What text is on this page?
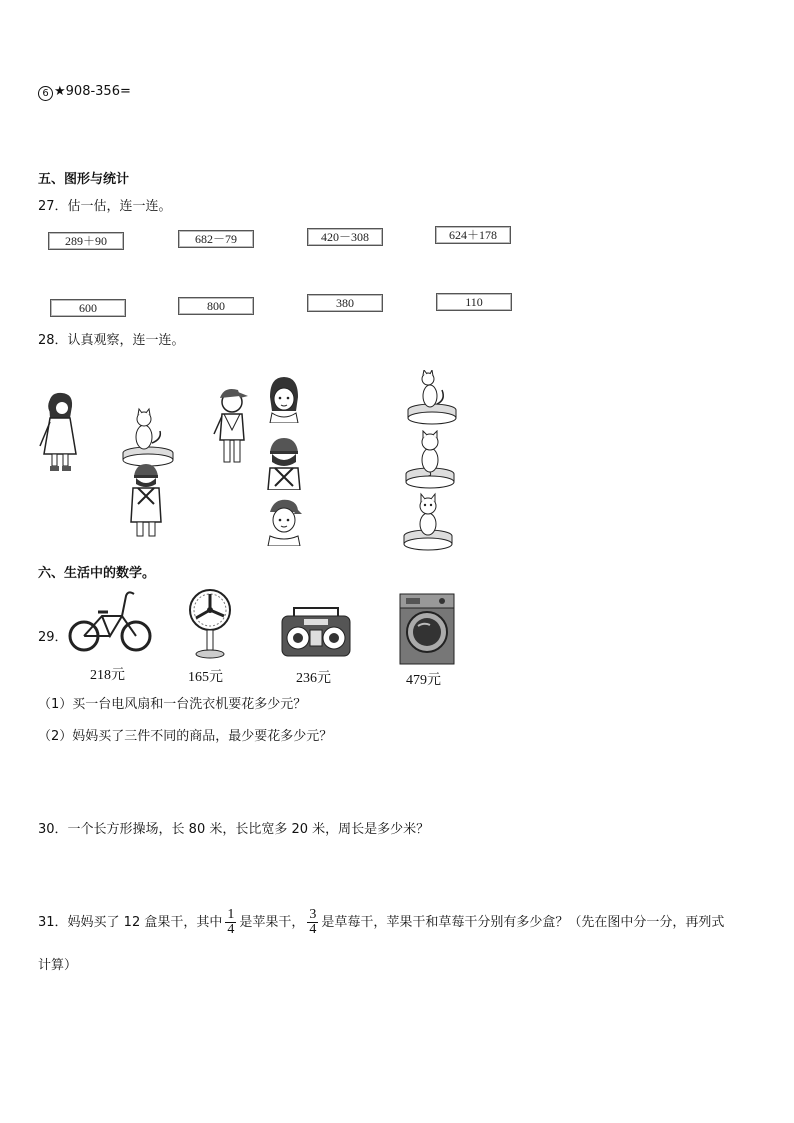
6 ★908-356=
五、图形与统计
27．估一估，连一连。
289＋90	682－79	420－308	624＋178
600	800	380	110
28．认真观察，连一连。
六、生活中的数学。
29．
218元	165元	236元	479元
（1）买一台电风扇和一台洗衣机要花多少元？
（2）妈妈买了三件不同的商品，最少要花多少元？
30．一个长方形操场，长 80 米，长比宽多 20 米，周长是多少米？
31．妈妈买了 12 盒果干，其中 $\frac{1}{4}$ 是苹果干， $\frac{3}{4}$ 是草莓干，苹果干和草莓干分别有多少盒？（先在图中分一分，再列式
计算）
